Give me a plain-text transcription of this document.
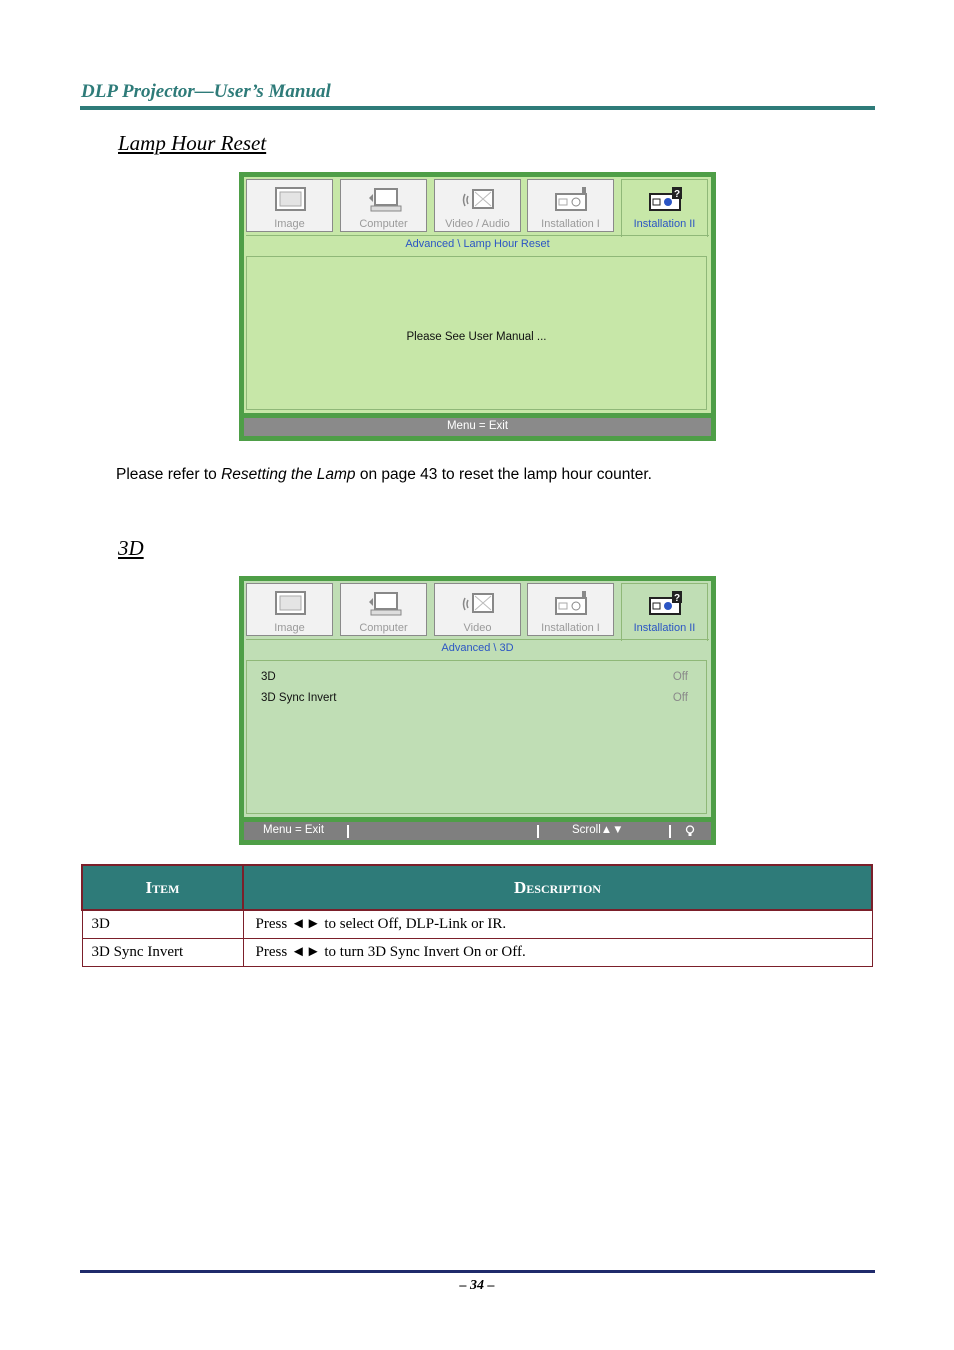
DLP Projector—User’s Manual
Lamp Hour Reset
Image	Computer	Video / Audio	Installation I
?
Installation II
Advanced \ Lamp Hour Reset
Please See User Manual ...
Menu = Exit
Please refer to Resetting the Lamp on page 43 to reset the lamp hour counter.
3D
Image	Computer	Video	Installation I
?
Installation II
Advanced \ 3D
3D	Off
3D Sync Invert	Off
Menu = Exit	Scroll▲▼
Item	Description
3D	Press ◄► to select Off, DLP-Link or IR.
3D Sync Invert	Press ◄► to turn 3D Sync Invert On or Off.
– 34 –
